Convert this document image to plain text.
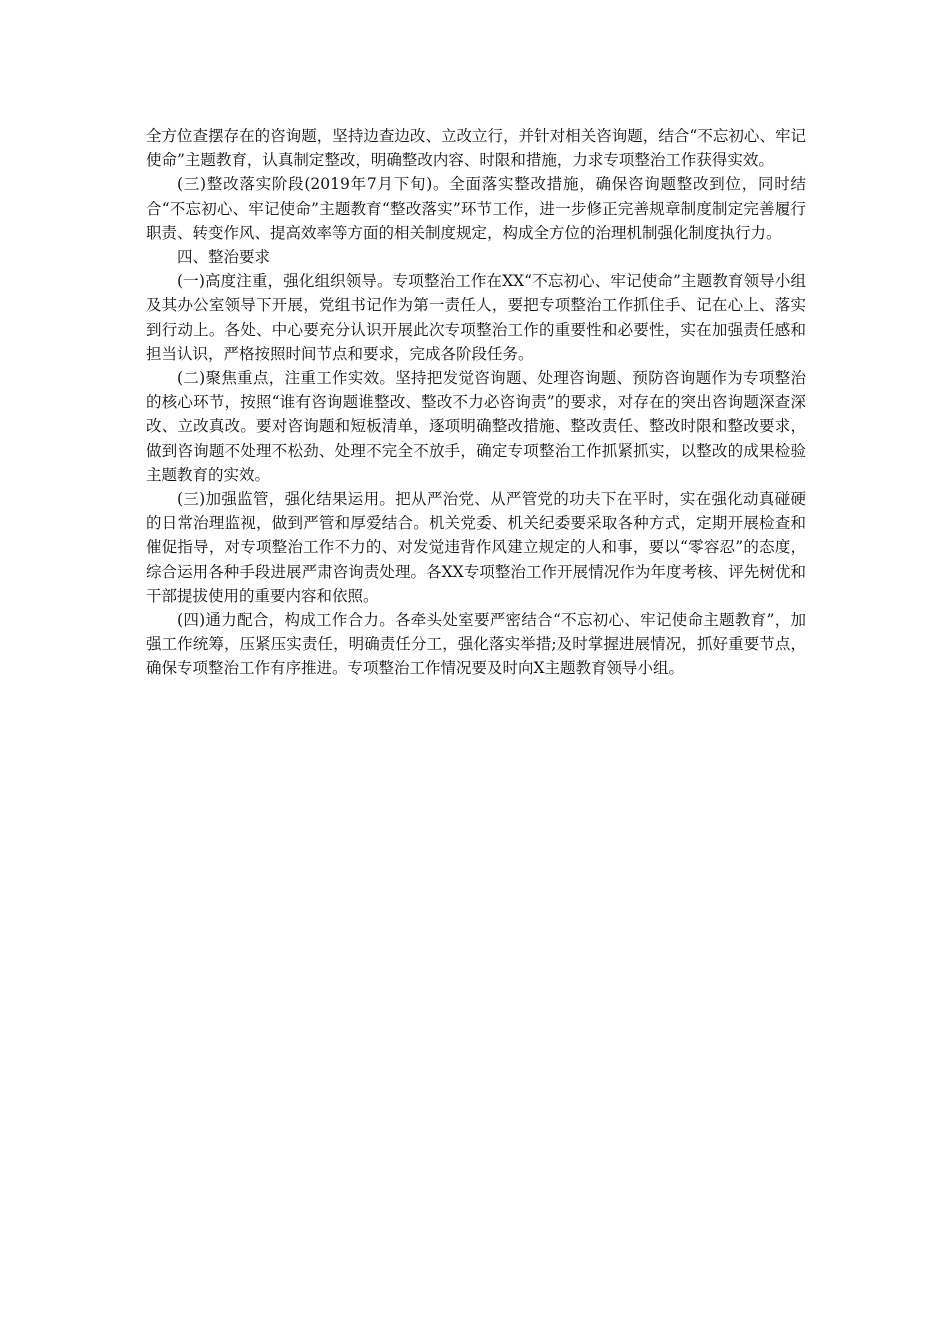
全方位查摆存在的咨询题，坚持边查边改、立改立行，并针对相关咨询题，结合“不忘初心、牢记使命”主题教育，认真制定整改，明确整改内容、时限和措施，力求专项整治工作获得实效。

(三)整改落实阶段(2019年7月下旬)。全面落实整改措施，确保咨询题整改到位，同时结合“不忘初心、牢记使命”主题教育“整改落实”环节工作，进一步修正完善规章制度制定完善履行职责、转变作风、提高效率等方面的相关制度规定，构成全方位的治理机制强化制度执行力。

四、整治要求

(一)高度注重，强化组织领导。专项整治工作在XX“不忘初心、牢记使命”主题教育领导小组及其办公室领导下开展，党组书记作为第一责任人，要把专项整治工作抓住手、记在心上、落实到行动上。各处、中心要充分认识开展此次专项整治工作的重要性和必要性，实在加强责任感和担当认识，严格按照时间节点和要求，完成各阶段任务。

(二)聚焦重点，注重工作实效。坚持把发觉咨询题、处理咨询题、预防咨询题作为专项整治的核心环节，按照“谁有咨询题谁整改、整改不力必咨询责”的要求，对存在的突出咨询题深查深改、立改真改。要对咨询题和短板清单，逐项明确整改措施、整改责任、整改时限和整改要求，做到咨询题不处理不松劲、处理不完全不放手，确定专项整治工作抓紧抓实，以整改的成果检验主题教育的实效。

(三)加强监管，强化结果运用。把从严治党、从严管党的功夫下在平时，实在强化动真碰硬的日常治理监视，做到严管和厚爱结合。机关党委、机关纪委要采取各种方式，定期开展检查和催促指导，对专项整治工作不力的、对发觉违背作风建立规定的人和事，要以“零容忍”的态度，综合运用各种手段进展严肃咨询责处理。各XX专项整治工作开展情况作为年度考核、评先树优和干部提拔使用的重要内容和依照。

(四)通力配合，构成工作合力。各牵头处室要严密结合“不忘初心、牢记使命主题教育”，加强工作统筹，压紧压实责任，明确责任分工，强化落实举措;及时掌握进展情况，抓好重要节点，确保专项整治工作有序推进。专项整治工作情况要及时向X主题教育领导小组。
